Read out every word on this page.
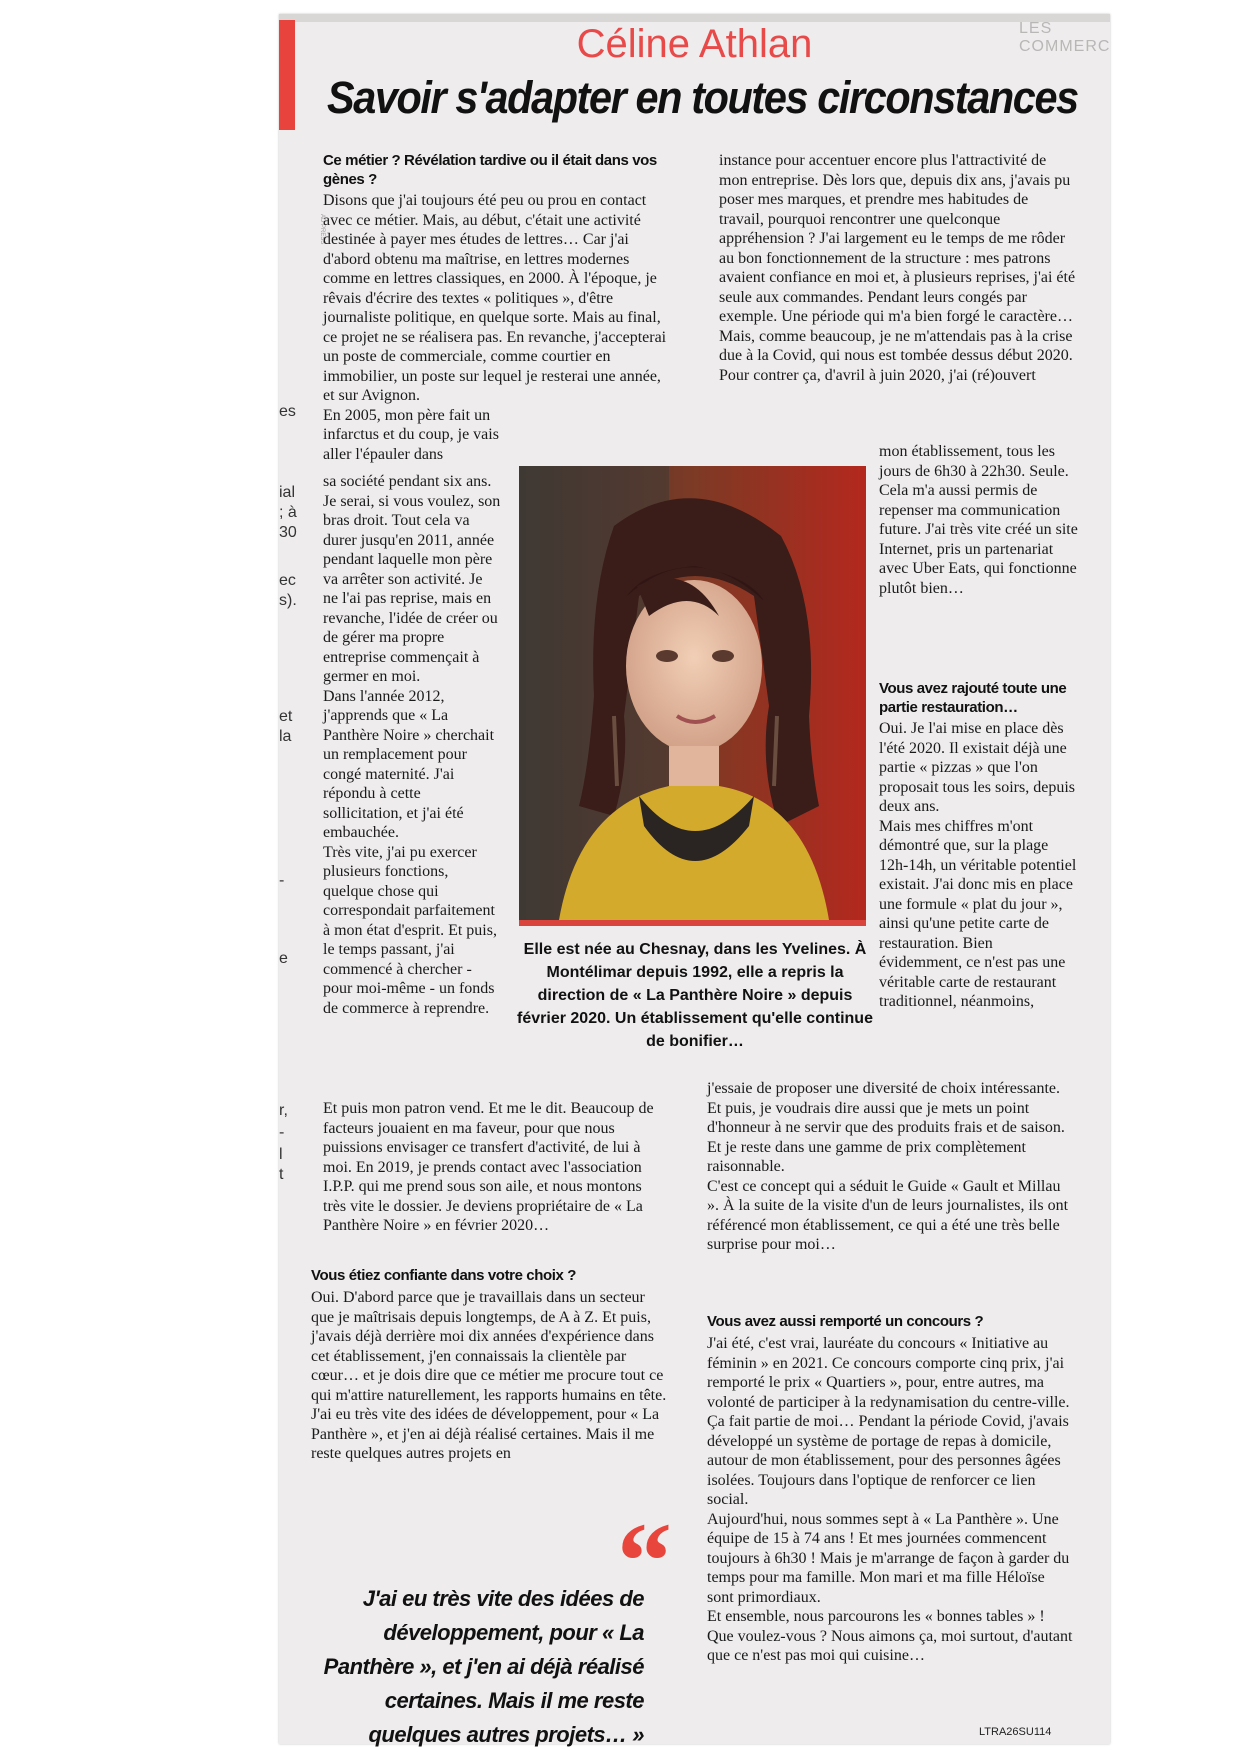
LES COMMERC
Céline Athlan
Savoir s'adapter en toutes circonstances
AD PRESS
es
ial
; à
30
ec
s).
et
la
-
e
r,
-
l
t
Ce métier ? Révélation tardive ou il était dans vos gènes ?

Disons que j'ai toujours été peu ou prou en contact avec ce métier. Mais, au début, c'était une activité destinée à payer mes études de lettres… Car j'ai d'abord obtenu ma maîtrise, en lettres modernes comme en lettres classiques, en 2000. À l'époque, je rêvais d'écrire des textes « politiques », d'être journaliste politique, en quelque sorte. Mais au final, ce projet ne se réalisera pas. En revanche, j'accepterai un poste de commerciale, comme courtier en immobilier, un poste sur lequel je resterai une année, et sur Avignon.

En 2005, mon père fait un infarctus et du coup, je vais aller l'épauler dans

sa société pendant six ans. Je serai, si vous voulez, son bras droit. Tout cela va durer jusqu'en 2011, année pendant laquelle mon père va arrêter son activité. Je ne l'ai pas reprise, mais en revanche, l'idée de créer ou de gérer ma propre entreprise commençait à germer en moi.

Dans l'année 2012, j'apprends que « La Panthère Noire » cherchait un remplacement pour congé maternité. J'ai répondu à cette sollicitation, et j'ai été embauchée.

Très vite, j'ai pu exercer plusieurs fonctions, quelque chose qui correspondait parfaitement à mon état d'esprit. Et puis, le temps passant, j'ai commencé à chercher - pour moi-même - un fonds de commerce à reprendre.

Et puis mon patron vend. Et me le dit. Beaucoup de facteurs jouaient en ma faveur, pour que nous puissions envisager ce transfert d'activité, de lui à moi. En 2019, je prends contact avec l'association I.P.P. qui me prend sous son aile, et nous montons très vite le dossier. Je deviens propriétaire de « La Panthère Noire » en février 2020…
Vous étiez confiante dans votre choix ?

Oui. D'abord parce que je travaillais dans un secteur que je maîtrisais depuis longtemps, de A à Z. Et puis, j'avais déjà derrière moi dix années d'expérience dans cet établissement, j'en connaissais la clientèle par cœur… et je dois dire que ce métier me procure tout ce qui m'attire naturellement, les rapports humains en tête.

J'ai eu très vite des idées de développement, pour « La Panthère », et j'en ai déjà réalisé certaines. Mais il me reste quelques autres projets en

Elle est née au Chesnay, dans les Yvelines. À Montélimar depuis 1992, elle a repris la direction de « La Panthère Noire » depuis février 2020. Un établissement qu'elle continue de bonifier…
“
J'ai eu très vite des idées de développement, pour « La Panthère », et j'en ai déjà réalisé certaines. Mais il me reste quelques autres projets… »

instance pour accentuer encore plus l'attractivité de mon entreprise. Dès lors que, depuis dix ans, j'avais pu poser mes marques, et prendre mes habitudes de travail, pourquoi rencontrer une quelconque appréhension ? J'ai largement eu le temps de me rôder au bon fonctionnement de la structure : mes patrons avaient confiance en moi et, à plusieurs reprises, j'ai été seule aux commandes. Pendant leurs congés par exemple. Une période qui m'a bien forgé le caractère…

Mais, comme beaucoup, je ne m'attendais pas à la crise due à la Covid, qui nous est tombée dessus début 2020.

Pour contrer ça, d'avril à juin 2020, j'ai (ré)ouvert

mon établissement, tous les jours de 6h30 à 22h30. Seule. Cela m'a aussi permis de repenser ma communication future. J'ai très vite créé un site Internet, pris un partenariat avec Uber Eats, qui fonctionne plutôt bien…
Vous avez rajouté toute une partie restauration…

Oui. Je l'ai mise en place dès l'été 2020. Il existait déjà une partie « pizzas » que l'on proposait tous les soirs, depuis deux ans.

Mais mes chiffres m'ont démontré que, sur la plage 12h-14h, un véritable potentiel existait. J'ai donc mis en place une formule « plat du jour », ainsi qu'une petite carte de restauration. Bien évidemment, ce n'est pas une véritable carte de restaurant traditionnel, néanmoins,

j'essaie de proposer une diversité de choix intéressante.

Et puis, je voudrais dire aussi que je mets un point d'honneur à ne servir que des produits frais et de saison. Et je reste dans une gamme de prix complètement raisonnable.

C'est ce concept qui a séduit le Guide « Gault et Millau ». À la suite de la visite d'un de leurs journalistes, ils ont référencé mon établissement, ce qui a été une très belle surprise pour moi…

Vous avez aussi remporté un concours ?

J'ai été, c'est vrai, lauréate du concours « Initiative au féminin » en 2021. Ce concours comporte cinq prix, j'ai remporté le prix « Quartiers », pour, entre autres, ma volonté de participer à la redynamisation du centre-ville.

Ça fait partie de moi… Pendant la période Covid, j'avais développé un système de portage de repas à domicile, autour de mon établissement, pour des personnes âgées isolées. Toujours dans l'optique de renforcer ce lien social.

Aujourd'hui, nous sommes sept à « La Panthère ». Une équipe de 15 à 74 ans ! Et mes journées commencent toujours à 6h30 ! Mais je m'arrange de façon à garder du temps pour ma famille. Mon mari et ma fille Héloïse sont primordiaux.

Et ensemble, nous parcourons les « bonnes tables » ! Que voulez-vous ? Nous aimons ça, moi surtout, d'autant que ce n'est pas moi qui cuisine…

LTRA26SU114
